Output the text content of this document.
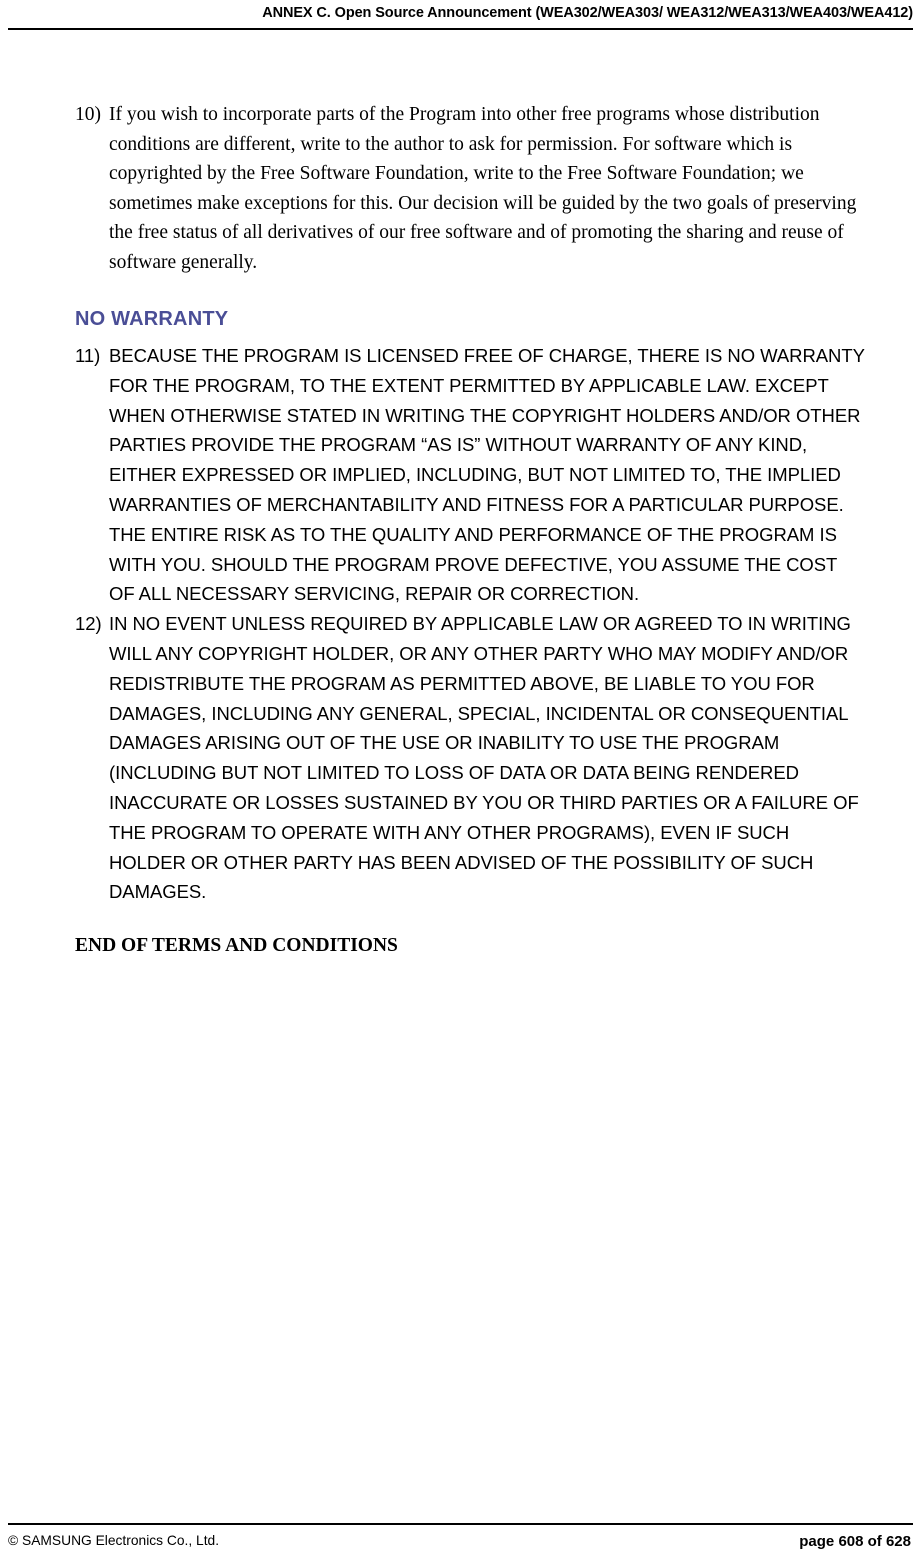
ANNEX C. Open Source Announcement (WEA302/WEA303/ WEA312/WEA313/WEA403/WEA412)
10) If you wish to incorporate parts of the Program into other free programs whose distribution conditions are different, write to the author to ask for permission. For software which is copyrighted by the Free Software Foundation, write to the Free Software Foundation; we sometimes make exceptions for this. Our decision will be guided by the two goals of preserving the free status of all derivatives of our free software and of promoting the sharing and reuse of software generally.
NO WARRANTY
11) BECAUSE THE PROGRAM IS LICENSED FREE OF CHARGE, THERE IS NO WARRANTY FOR THE PROGRAM, TO THE EXTENT PERMITTED BY APPLICABLE LAW. EXCEPT WHEN OTHERWISE STATED IN WRITING THE COPYRIGHT HOLDERS AND/OR OTHER PARTIES PROVIDE THE PROGRAM “AS IS” WITHOUT WARRANTY OF ANY KIND, EITHER EXPRESSED OR IMPLIED, INCLUDING, BUT NOT LIMITED TO, THE IMPLIED WARRANTIES OF MERCHANTABILITY AND FITNESS FOR A PARTICULAR PURPOSE. THE ENTIRE RISK AS TO THE QUALITY AND PERFORMANCE OF THE PROGRAM IS WITH YOU. SHOULD THE PROGRAM PROVE DEFECTIVE, YOU ASSUME THE COST OF ALL NECESSARY SERVICING, REPAIR OR CORRECTION.
12) IN NO EVENT UNLESS REQUIRED BY APPLICABLE LAW OR AGREED TO IN WRITING WILL ANY COPYRIGHT HOLDER, OR ANY OTHER PARTY WHO MAY MODIFY AND/OR REDISTRIBUTE THE PROGRAM AS PERMITTED ABOVE, BE LIABLE TO YOU FOR DAMAGES, INCLUDING ANY GENERAL, SPECIAL, INCIDENTAL OR CONSEQUENTIAL DAMAGES ARISING OUT OF THE USE OR INABILITY TO USE THE PROGRAM (INCLUDING BUT NOT LIMITED TO LOSS OF DATA OR DATA BEING RENDERED INACCURATE OR LOSSES SUSTAINED BY YOU OR THIRD PARTIES OR A FAILURE OF THE PROGRAM TO OPERATE WITH ANY OTHER PROGRAMS), EVEN IF SUCH HOLDER OR OTHER PARTY HAS BEEN ADVISED OF THE POSSIBILITY OF SUCH DAMAGES.
END OF TERMS AND CONDITIONS
© SAMSUNG Electronics Co., Ltd.	page 608 of 628
